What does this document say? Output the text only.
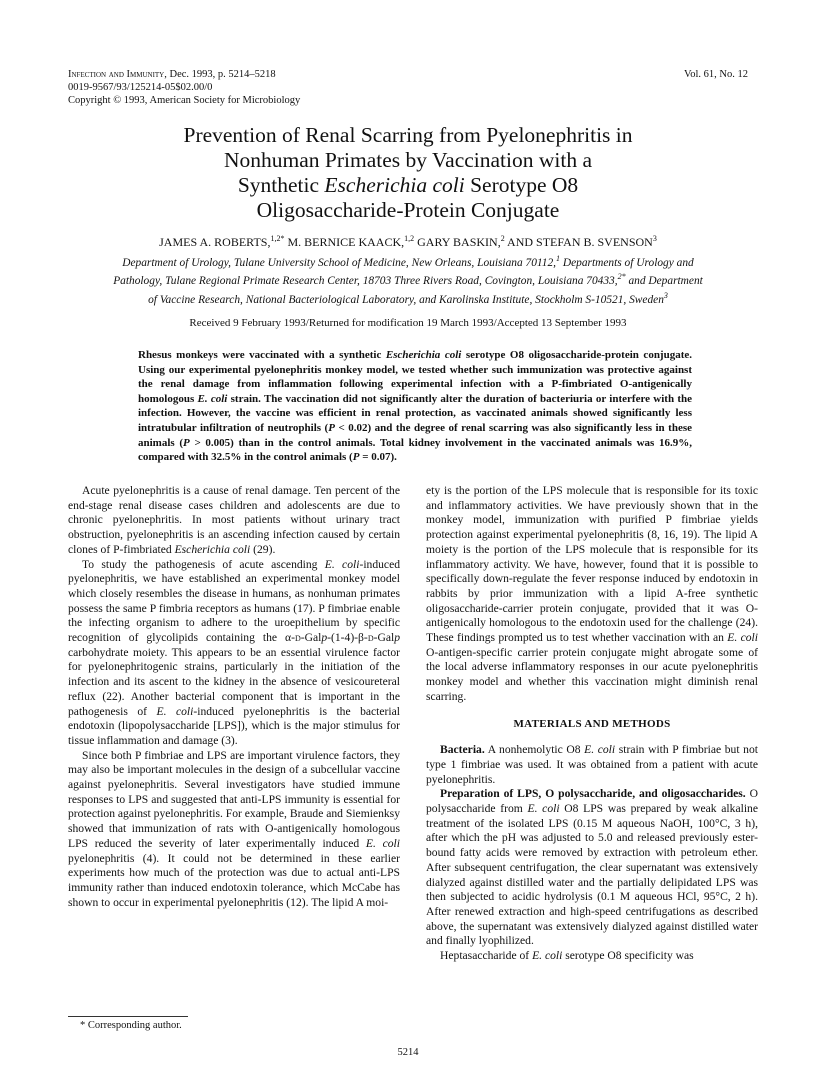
Infection and Immunity, Dec. 1993, p. 5214–5218
0019-9567/93/125214-05$02.00/0
Copyright © 1993, American Society for Microbiology
Vol. 61, No. 12
Prevention of Renal Scarring from Pyelonephritis in
Nonhuman Primates by Vaccination with a
Synthetic Escherichia coli Serotype O8
Oligosaccharide-Protein Conjugate
JAMES A. ROBERTS,$^{1,2*}$ M. BERNICE KAACK,$^{1,2}$ GARY BASKIN,$^2$ AND STEFAN B. SVENSON$^3$
Department of Urology, Tulane University School of Medicine, New Orleans, Louisiana 70112,$^1$ Departments of Urology and Pathology, Tulane Regional Primate Research Center, 18703 Three Rivers Road, Covington, Louisiana 70433,$^{2*}$ and Department of Vaccine Research, National Bacteriological Laboratory, and Karolinska Institute, Stockholm S-10521, Sweden$^3$
Received 9 February 1993/Returned for modification 19 March 1993/Accepted 13 September 1993
Rhesus monkeys were vaccinated with a synthetic Escherichia coli serotype O8 oligosaccharide-protein conjugate. Using our experimental pyelonephritis monkey model, we tested whether such immunization was protective against the renal damage from inflammation following experimental infection with a P-fimbriated O-antigenically homologous E. coli strain. The vaccination did not significantly alter the duration of bacteriuria or interfere with the infection. However, the vaccine was efficient in renal protection, as vaccinated animals showed significantly less intratubular infiltration of neutrophils (P < 0.02) and the degree of renal scarring was also significantly less in these animals (P > 0.005) than in the control animals. Total kidney involvement in the vaccinated animals was 16.9%, compared with 32.5% in the control animals (P = 0.07).

Acute pyelonephritis is a cause of renal damage. Ten percent of the end-stage renal disease cases children and adolescents are due to chronic pyelonephritis. In most patients without urinary tract obstruction, pyelonephritis is an ascending infection caused by certain clones of P-fimbriated Escherichia coli (29).

To study the pathogenesis of acute ascending E. coli-induced pyelonephritis, we have established an experimental monkey model which closely resembles the disease in humans, as nonhuman primates possess the same P fimbria receptors as humans (17). P fimbriae enable the infecting organism to adhere to the uroepithelium by specific recognition of glycolipids containing the α-d-Galp-(1-4)-β-d-Galp carbohydrate moiety. This appears to be an essential virulence factor for pyelonephritogenic strains, particularly in the initiation of the infection and its ascent to the kidney in the absence of vesicoureteral reflux (22). Another bacterial component that is important in the pathogenesis of E. coli-induced pyelonephritis is the bacterial endotoxin (lipopolysaccharide [LPS]), which is the major stimulus for tissue inflammation and damage (3).

Since both P fimbriae and LPS are important virulence factors, they may also be important molecules in the design of a subcellular vaccine against pyelonephritis. Several investigators have studied immune responses to LPS and suggested that anti-LPS immunity is essential for protection against pyelonephritis. For example, Braude and Siemienksy showed that immunization of rats with O-antigenically homologous LPS reduced the severity of later experimentally induced E. coli pyelonephritis (4). It could not be determined in these earlier experiments how much of the protection was due to actual anti-LPS immunity rather than induced endotoxin tolerance, which McCabe has shown to occur in experimental pyelonephritis (12). The lipid A moi-

ety is the portion of the LPS molecule that is responsible for its toxic and inflammatory activities. We have previously shown that in the monkey model, immunization with purified P fimbriae yields protection against experimental pyelonephritis (8, 16, 19). The lipid A moiety is the portion of the LPS molecule that is responsible for its inflammatory activity. We have, however, found that it is possible to specifically down-regulate the fever response induced by endotoxin in rabbits by prior immunization with a lipid A-free synthetic oligosaccharide-carrier protein conjugate, provided that it was O-antigenically homologous to the endotoxin used for the challenge (24). These findings prompted us to test whether vaccination with an E. coli O-antigen-specific carrier protein conjugate might abrogate some of the local adverse inflammatory responses in our acute pyelonephritis monkey model and whether this vaccination might diminish renal scarring.

MATERIALS AND METHODS

Bacteria. A nonhemolytic O8 E. coli strain with P fimbriae but not type 1 fimbriae was used. It was obtained from a patient with acute pyelonephritis.

Preparation of LPS, O polysaccharide, and oligosaccharides. O polysaccharide from E. coli O8 LPS was prepared by weak alkaline treatment of the isolated LPS (0.15 M aqueous NaOH, 100°C, 3 h), after which the pH was adjusted to 5.0 and released previously ester-bound fatty acids were removed by extraction with petroleum ether. After subsequent centrifugation, the clear supernatant was extensively dialyzed against distilled water and the partially delipidated LPS was then subjected to acidic hydrolysis (0.1 M aqueous HCl, 95°C, 2 h). After renewed extraction and high-speed centrifugations as described above, the supernatant was extensively dialyzed against distilled water and finally lyophilized.

Heptasaccharide of E. coli serotype O8 specificity was

* Corresponding author.
5214
